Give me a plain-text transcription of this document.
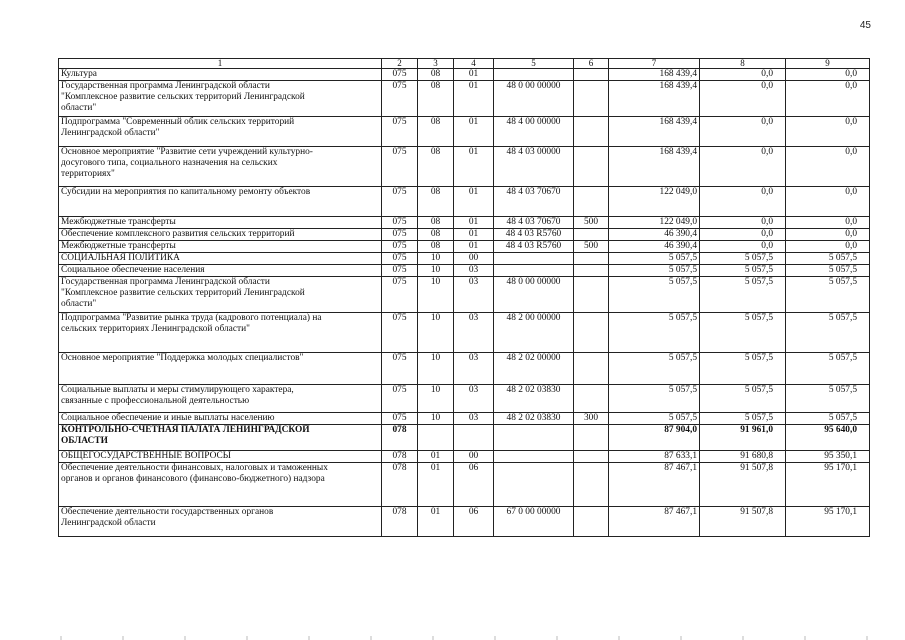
45
1	2	3	4	5	6	7	8	9
Культура	075	08	01			168 439,4	0,0	0,0
Государственная программа Ленинградской области
"Комплексное развитие сельских территорий Ленинградской
области"	075	08	01	48 0 00 00000		168 439,4	0,0	0,0
Подпрограмма "Современный облик сельских территорий
Ленинградской области"	075	08	01	48 4 00 00000		168 439,4	0,0	0,0
Основное мероприятие "Развитие сети учреждений культурно-
досугового типа, социального назначения на сельских
территориях"	075	08	01	48 4 03 00000		168 439,4	0,0	0,0
Субсидии на мероприятия по капитальному ремонту объектов	075	08	01	48 4 03 70670		122 049,0	0,0	0,0
Межбюджетные трансферты	075	08	01	48 4 03 70670	500	122 049,0	0,0	0,0
Обеспечение комплексного развития сельских территорий	075	08	01	48 4 03 R5760		46 390,4	0,0	0,0
Межбюджетные трансферты	075	08	01	48 4 03 R5760	500	46 390,4	0,0	0,0
СОЦИАЛЬНАЯ ПОЛИТИКА	075	10	00			5 057,5	5 057,5	5 057,5
Социальное обеспечение населения	075	10	03			5 057,5	5 057,5	5 057,5
Государственная программа Ленинградской области
"Комплексное развитие сельских территорий Ленинградской
области"	075	10	03	48 0 00 00000		5 057,5	5 057,5	5 057,5
Подпрограмма "Развитие рынка труда (кадрового потенциала) на
сельских территориях Ленинградской области"	075	10	03	48 2 00 00000		5 057,5	5 057,5	5 057,5
Основное мероприятие "Поддержка молодых специалистов"	075	10	03	48 2 02 00000		5 057,5	5 057,5	5 057,5
Социальные выплаты и меры стимулирующего характера,
связанные с профессиональной деятельностью	075	10	03	48 2 02 03830		5 057,5	5 057,5	5 057,5
Социальное обеспечение и иные выплаты населению	075	10	03	48 2 02 03830	300	5 057,5	5 057,5	5 057,5
КОНТРОЛЬНО-СЧЕТНАЯ ПАЛАТА ЛЕНИНГРАДСКОЙ
ОБЛАСТИ	078					87 904,0	91 961,0	95 640,0
ОБЩЕГОСУДАРСТВЕННЫЕ ВОПРОСЫ	078	01	00			87 633,1	91 680,8	95 350,1
Обеспечение деятельности финансовых, налоговых и таможенных
органов и органов финансового (финансово-бюджетного) надзора	078	01	06			87 467,1	91 507,8	95 170,1
Обеспечение деятельности государственных органов
Ленинградской области	078	01	06	67 0 00 00000		87 467,1	91 507,8	95 170,1
